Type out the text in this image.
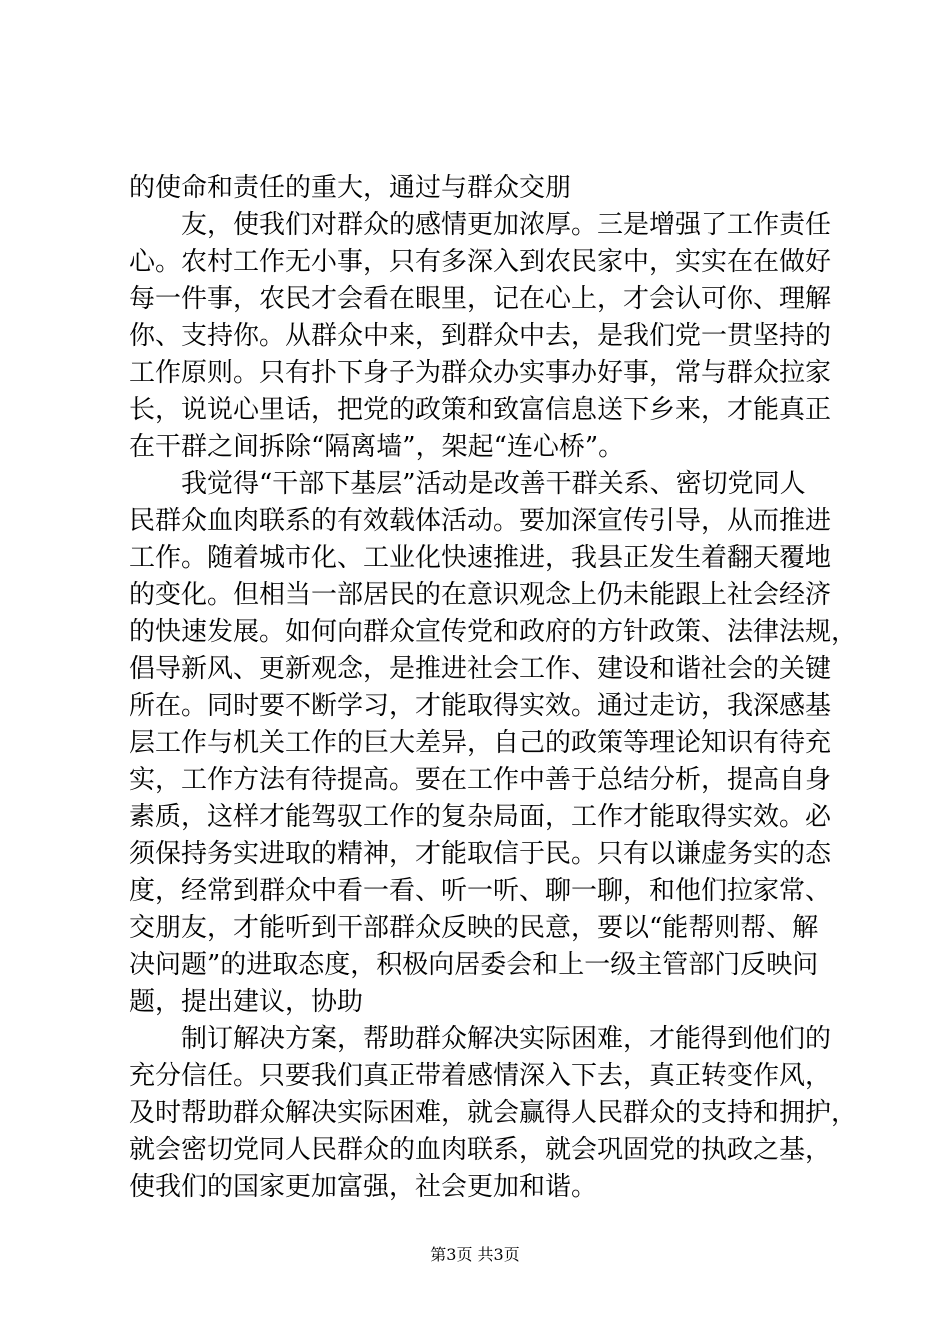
的使命和责任的重大，通过与群众交朋
　　友，使我们对群众的感情更加浓厚。三是增强了工作责任
心。农村工作无小事，只有多深入到农民家中，实实在在做好
每一件事，农民才会看在眼里，记在心上，才会认可你、理解
你、支持你。从群众中来，到群众中去，是我们党一贯坚持的
工作原则。只有扑下身子为群众办实事办好事，常与群众拉家
长，说说心里话，把党的政策和致富信息送下乡来，才能真正
在干群之间拆除“隔离墙”，架起“连心桥”。
　　我觉得“干部下基层”活动是改善干群关系、密切党同人
民群众血肉联系的有效载体活动。要加深宣传引导，从而推进
工作。随着城市化、工业化快速推进，我县正发生着翻天覆地
的变化。但相当一部居民的在意识观念上仍未能跟上社会经济
的快速发展。如何向群众宣传党和政府的方针政策、法律法规，
倡导新风、更新观念，是推进社会工作、建设和谐社会的关键
所在。同时要不断学习，才能取得实效。通过走访，我深感基
层工作与机关工作的巨大差异，自己的政策等理论知识有待充
实，工作方法有待提高。要在工作中善于总结分析，提高自身
素质，这样才能驾驭工作的复杂局面，工作才能取得实效。必
须保持务实进取的精神，才能取信于民。只有以谦虚务实的态
度，经常到群众中看一看、听一听、聊一聊，和他们拉家常、
交朋友，才能听到干部群众反映的民意，要以“能帮则帮、解
决问题”的进取态度，积极向居委会和上一级主管部门反映问
题，提出建议，协助
　　制订解决方案，帮助群众解决实际困难，才能得到他们的
充分信任。只要我们真正带着感情深入下去，真正转变作风，
及时帮助群众解决实际困难，就会赢得人民群众的支持和拥护，
就会密切党同人民群众的血肉联系，就会巩固党的执政之基，
使我们的国家更加富强，社会更加和谐。
第3页 共3页
